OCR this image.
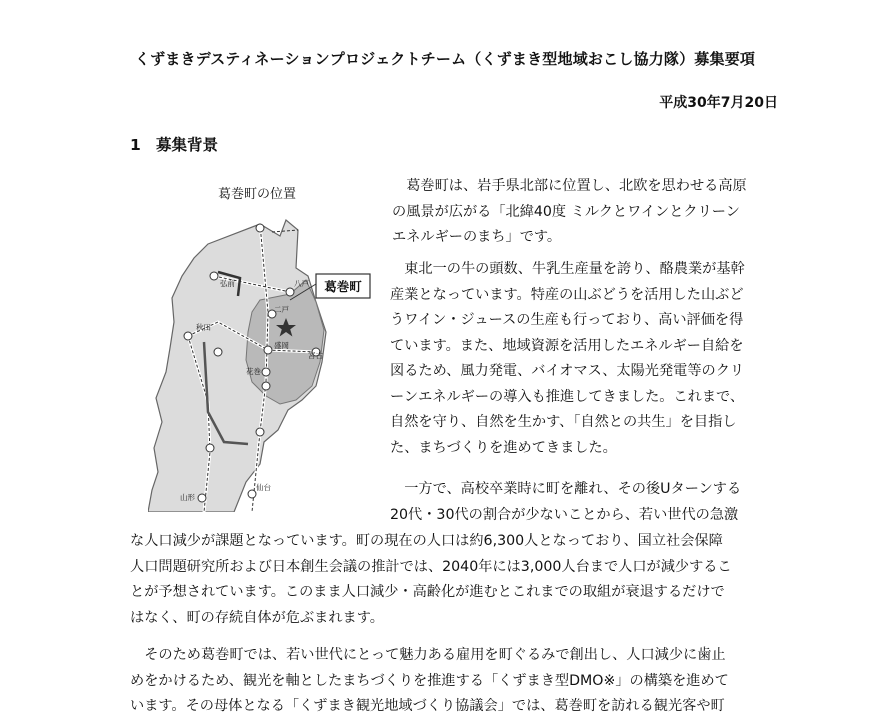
くずまきデスティネーションプロジェクトチーム（くずまき型地域おこし協力隊）募集要項
平成30年7月20日
1 募集背景
葛巻町の位置
葛巻町
弘前	八戸
二戸
秋田
盛岡
宮古
花巻
山形
仙台
　葛巻町は、岩手県北部に位置し、北欧を思わせる高原
の風景が広がる「北緯40度 ミルクとワインとクリーン
エネルギーのまち」です。
　東北一の牛の頭数、牛乳生産量を誇り、酪農業が基幹
産業となっています。特産の山ぶどうを活用した山ぶど
うワイン・ジュースの生産も行っており、高い評価を得
ています。また、地域資源を活用したエネルギー自給を
図るため、風力発電、バイオマス、太陽光発電等のクリ
ーンエネルギーの導入も推進してきました。これまで、
自然を守り、自然を生かす、「自然との共生」を目指し
た、まちづくりを進めてきました。
　一方で、高校卒業時に町を離れ、その後Uターンする
20代・30代の割合が少ないことから、若い世代の急激
な人口減少が課題となっています。町の現在の人口は約6,300人となっており、国立社会保障
人口問題研究所および日本創生会議の推計では、2040年には3,000人台まで人口が減少するこ
とが予想されています。このまま人口減少・高齢化が進むとこれまでの取組が衰退するだけで
はなく、町の存続自体が危ぶまれます。
　そのため葛巻町では、若い世代にとって魅力ある雇用を町ぐるみで創出し、人口減少に歯止
めをかけるため、観光を軸としたまちづくりを推進する「くずまき型DMO※」の構築を進めて
います。その母体となる「くずまき観光地域づくり協議会」では、葛巻町を訪れる観光客や町
